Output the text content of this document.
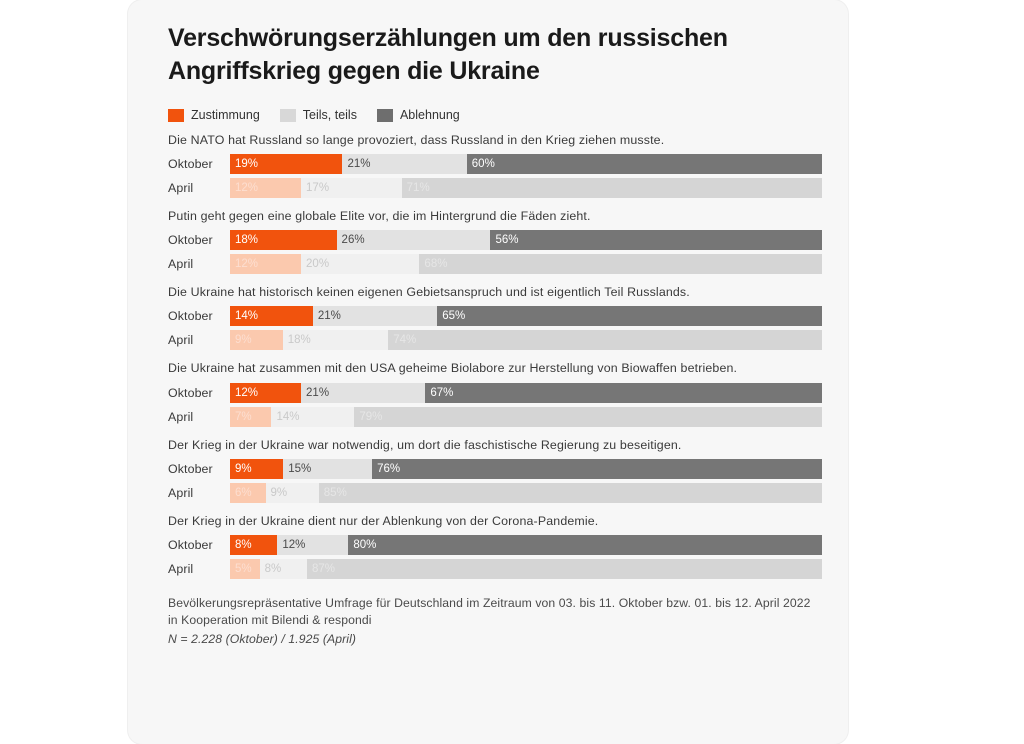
Verschwörungserzählungen um den russischen Angriffskrieg gegen die Ukraine
Zustimmung	Teils, teils	Ablehnung
Die NATO hat Russland so lange provoziert, dass Russland in den Krieg ziehen musste.
Oktober	19%	21%	60%
April	12%	17%	71%
Putin geht gegen eine globale Elite vor, die im Hintergrund die Fäden zieht.
Oktober	18%	26%	56%
April	12%	20%	68%
Die Ukraine hat historisch keinen eigenen Gebietsanspruch und ist eigentlich Teil Russlands.
Oktober	14%	21%	65%
April	9%	18%	74%
Die Ukraine hat zusammen mit den USA geheime Biolabore zur Herstellung von Biowaffen betrieben.
Oktober	12%	21%	67%
April	7% 14%	79%
Der Krieg in der Ukraine war notwendig, um dort die faschistische Regierung zu beseitigen.
Oktober	9%	15%	76%
April	6% 9%	85%
Der Krieg in der Ukraine dient nur der Ablenkung von der Corona-Pandemie.
Oktober	8%	12%	80%
April	5% 8%	87%
Bevölkerungsrepräsentative Umfrage für Deutschland im Zeitraum von 03. bis 11. Oktober bzw. 01. bis 12. April 2022 in Kooperation mit Bilendi & respondi
N = 2.228 (Oktober) / 1.925 (April)
